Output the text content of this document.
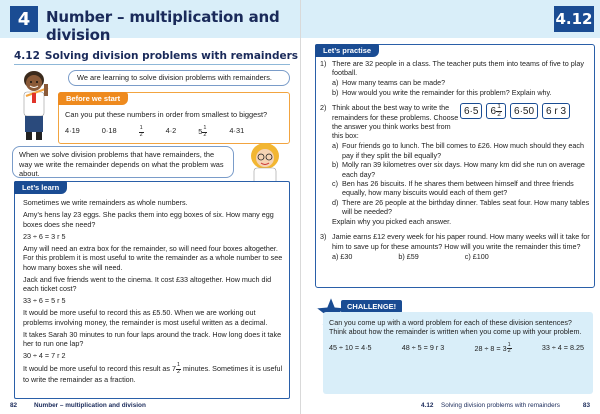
4	Number – multiplication and division
4.12 Solving division problems with remainders
We are learning to solve division problems with remainders.
Before we start
Can you put these numbers in order from smallest to biggest?
4·19	0·18	$\frac{1}{2}$	4·2	$5 \frac{1}{2}$	4·31
When we solve division problems that have remainders, the way we write the remainder depends on what the problem was about.
Let’s learn

Sometimes we write remainders as whole numbers.

Amy’s hens lay 23 eggs. She packs them into egg boxes of six. How many egg boxes does she need?

23 ÷ 6 = 3 r 5

Amy will need an extra box for the remainder, so will need four boxes altogether. For this problem it is most useful to write the remainder as a whole number to see how many boxes she will need.

Jack and five friends went to the cinema. It cost £33 altogether. How much did each ticket cost?

33 ÷ 6 = 5 r 5

It would be more useful to record this as £5.50. When we are working out problems involving money, the remainder is most useful written as a decimal.

It takes Sarah 30 minutes to run four laps around the track. How long does it take her to run one lap?

30 ÷ 4 = 7 r 2

It would be more useful to record this result as $7 \frac{1}{2}$ minutes. Sometimes it is useful to write the remainder as a fraction.

82	Number – multiplication and division
4.12
Let’s practise
1) There are 32 people in a class. The teacher puts them into teams of five to play football.

a) How many teams can be made?
b) How would you write the remainder for this problem? Explain why.
2) Think about the best way to write the remainders for these problems. Choose the answer you think works best from this box:

a) Four friends go to lunch. The bill comes to £26. How much should they each pay if they split the bill equally?
b) Molly ran 39 kilometres over six days. How many km did she run on average each day?
c) Ben has 26 biscuits. If he shares them between himself and three friends equally, how many biscuits would each of them get?
d) There are 26 people at the birthday dinner. Tables seat four. How many tables will be needed?

Explain why you picked each answer.

3) Jamie earns £12 every week for his paper round. How many weeks will it take for him to save up for these amounts? How will you write the remainder this time?

a) £30	b) £59	c) £100
6·5	$6 \frac{1}{2}$	6·50	6 r 3
CHALLENGE!

Can you come up with a word problem for each of these division sentences? Think about how the remainder is written when you come up with your problem.

45 ÷ 10 = 4·5	48 ÷ 5 = 9 r 3	$28 \div 8 = 3 \frac{1}{2}$	33 ÷ 4 = 8.25
4.12 Solving division problems with remainders	83
